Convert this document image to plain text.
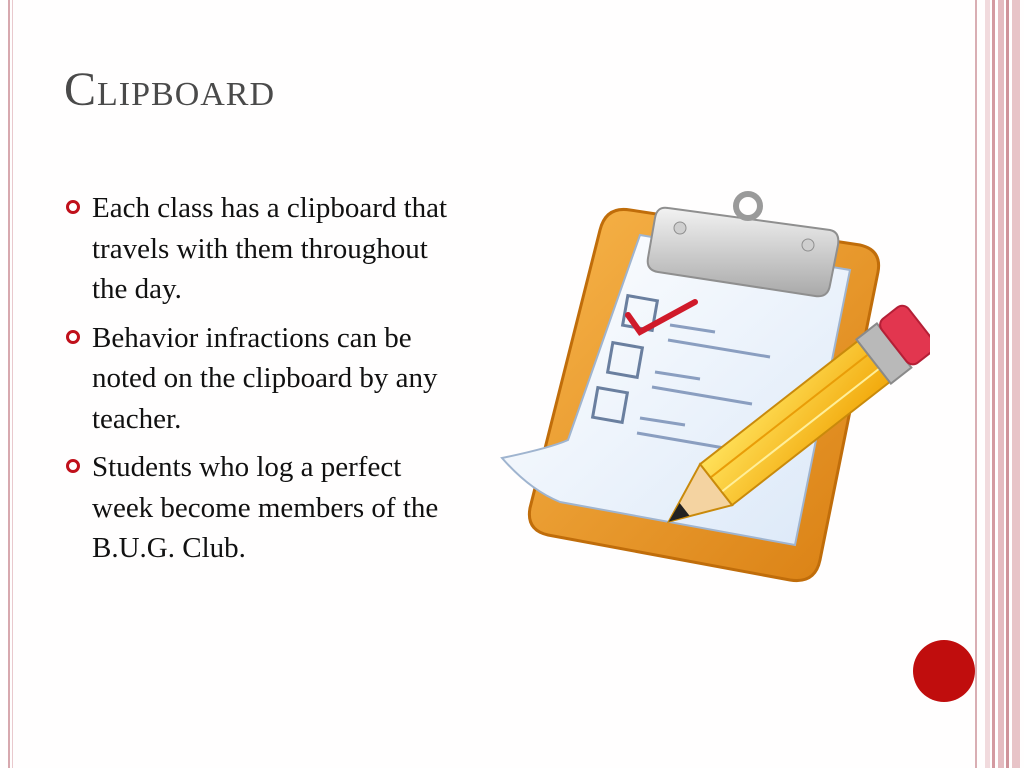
Clipboard
Each class has a clipboard that travels with them throughout the day.
Behavior infractions can be noted on the clipboard by any teacher.
Students who log a perfect week become members of the B.U.G. Club.
